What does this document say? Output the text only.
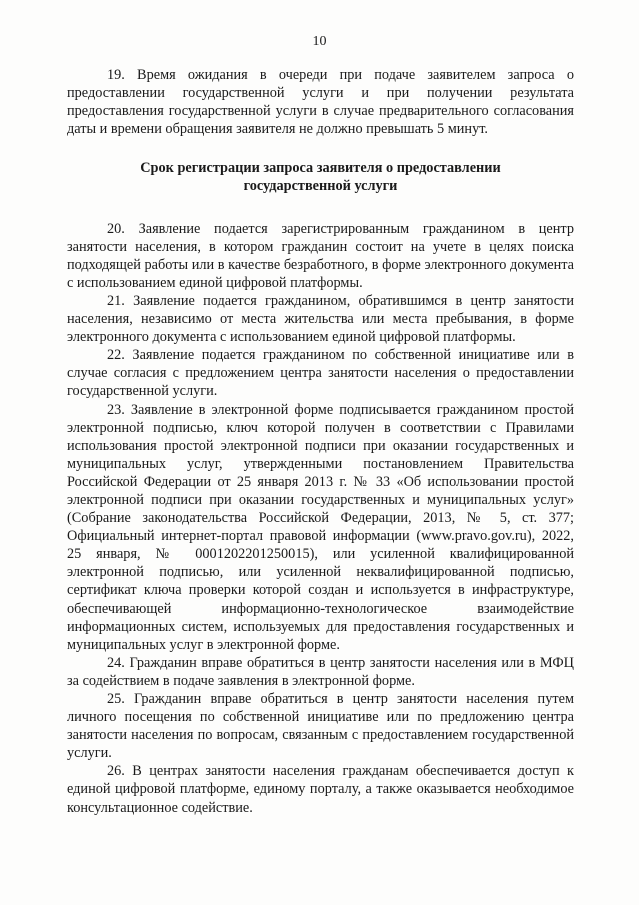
10

19. Время ожидания в очереди при подаче заявителем запроса о предоставлении государственной услуги и при получении результата предоставления государственной услуги в случае предварительного согласования даты и времени обращения заявителя не должно превышать 5 минут.

Срок регистрации запроса заявителя о предоставлении государственной услуги

20. Заявление подается зарегистрированным гражданином в центр занятости населения, в котором гражданин состоит на учете в целях поиска подходящей работы или в качестве безработного, в форме электронного документа с использованием единой цифровой платформы.

21. Заявление подается гражданином, обратившимся в центр занятости населения, независимо от места жительства или места пребывания, в форме электронного документа с использованием единой цифровой платформы.

22. Заявление подается гражданином по собственной инициативе или в случае согласия с предложением центра занятости населения о предоставлении государственной услуги.

23. Заявление в электронной форме подписывается гражданином простой электронной подписью, ключ которой получен в соответствии с Правилами использования простой электронной подписи при оказании государственных и муниципальных услуг, утвержденными постановлением Правительства Российской Федерации от 25 января 2013 г. № 33 «Об использовании простой электронной подписи при оказании государственных и муниципальных услуг» (Собрание законодательства Российской Федерации, 2013, № 5, ст. 377; Официальный интернет-портал правовой информации (www.pravo.gov.ru), 2022, 25 января, № 0001202201250015), или усиленной квалифицированной электронной подписью, или усиленной неквалифицированной подписью, сертификат ключа проверки которой создан и используется в инфраструктуре, обеспечивающей информационно-технологическое взаимодействие информационных систем, используемых для предоставления государственных и муниципальных услуг в электронной форме.

24. Гражданин вправе обратиться в центр занятости населения или в МФЦ за содействием в подаче заявления в электронной форме.

25. Гражданин вправе обратиться в центр занятости населения путем личного посещения по собственной инициативе или по предложению центра занятости населения по вопросам, связанным с предоставлением государственной услуги.

26. В центрах занятости населения гражданам обеспечивается доступ к единой цифровой платформе, единому порталу, а также оказывается необходимое консультационное содействие.
